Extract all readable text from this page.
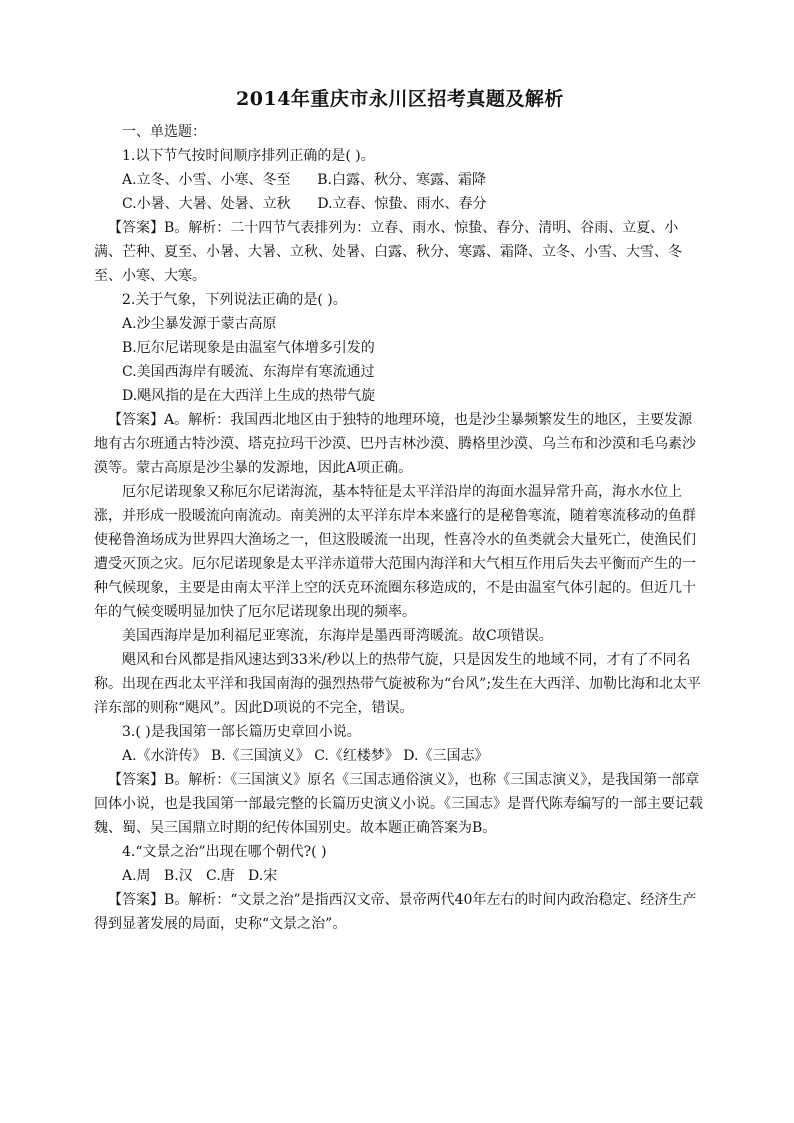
2014年重庆市永川区招考真题及解析

一、单选题：

1.以下节气按时间顺序排列正确的是( )。

A.立冬、小雪、小寒、冬至      B.白露、秋分、寒露、霜降

C.小暑、大暑、处暑、立秋      D.立春、惊蛰、雨水、春分

【答案】B。解析：二十四节气表排列为：立春、雨水、惊蛰、春分、清明、谷雨、立夏、小满、芒种、夏至、小暑、大暑、立秋、处暑、白露、秋分、寒露、霜降、立冬、小雪、大雪、冬至、小寒、大寒。

2.关于气象，下列说法正确的是( )。

A.沙尘暴发源于蒙古高原

B.厄尔尼诺现象是由温室气体增多引发的

C.美国西海岸有暖流、东海岸有寒流通过

D.飓风指的是在大西洋上生成的热带气旋

【答案】A。解析：我国西北地区由于独特的地理环境，也是沙尘暴频繁发生的地区，主要发源地有古尔班通古特沙漠、塔克拉玛干沙漠、巴丹吉林沙漠、腾格里沙漠、乌兰布和沙漠和毛乌素沙漠等。蒙古高原是沙尘暴的发源地，因此A项正确。

厄尔尼诺现象又称厄尔尼诺海流，基本特征是太平洋沿岸的海面水温异常升高，海水水位上涨，并形成一股暖流向南流动。南美洲的太平洋东岸本来盛行的是秘鲁寒流，随着寒流移动的鱼群使秘鲁渔场成为世界四大渔场之一，但这股暖流一出现，性喜冷水的鱼类就会大量死亡，使渔民们遭受灭顶之灾。厄尔尼诺现象是太平洋赤道带大范围内海洋和大气相互作用后失去平衡而产生的一种气候现象，主要是由南太平洋上空的沃克环流圈东移造成的，不是由温室气体引起的。但近几十年的气候变暖明显加快了厄尔尼诺现象出现的频率。

美国西海岸是加利福尼亚寒流，东海岸是墨西哥湾暖流。故C项错误。

飓风和台风都是指风速达到33米/秒以上的热带气旋，只是因发生的地域不同，才有了不同名称。出现在西北太平洋和我国南海的强烈热带气旋被称为“台风”;发生在大西洋、加勒比海和北太平洋东部的则称“飓风”。因此D项说的不完全，错误。

3.( )是我国第一部长篇历史章回小说。

A.《水浒传》 B.《三国演义》 C.《红楼梦》 D.《三国志》

【答案】B。解析：《三国演义》原名《三国志通俗演义》，也称《三国志演义》，是我国第一部章回体小说，也是我国第一部最完整的长篇历史演义小说。《三国志》是晋代陈寿编写的一部主要记载魏、蜀、吴三国鼎立时期的纪传体国别史。故本题正确答案为B。

4.“文景之治”出现在哪个朝代?( )

A.周   B.汉   C.唐   D.宋

【答案】B。解析：“文景之治”是指西汉文帝、景帝两代40年左右的时间内政治稳定、经济生产得到显著发展的局面，史称“文景之治”。
